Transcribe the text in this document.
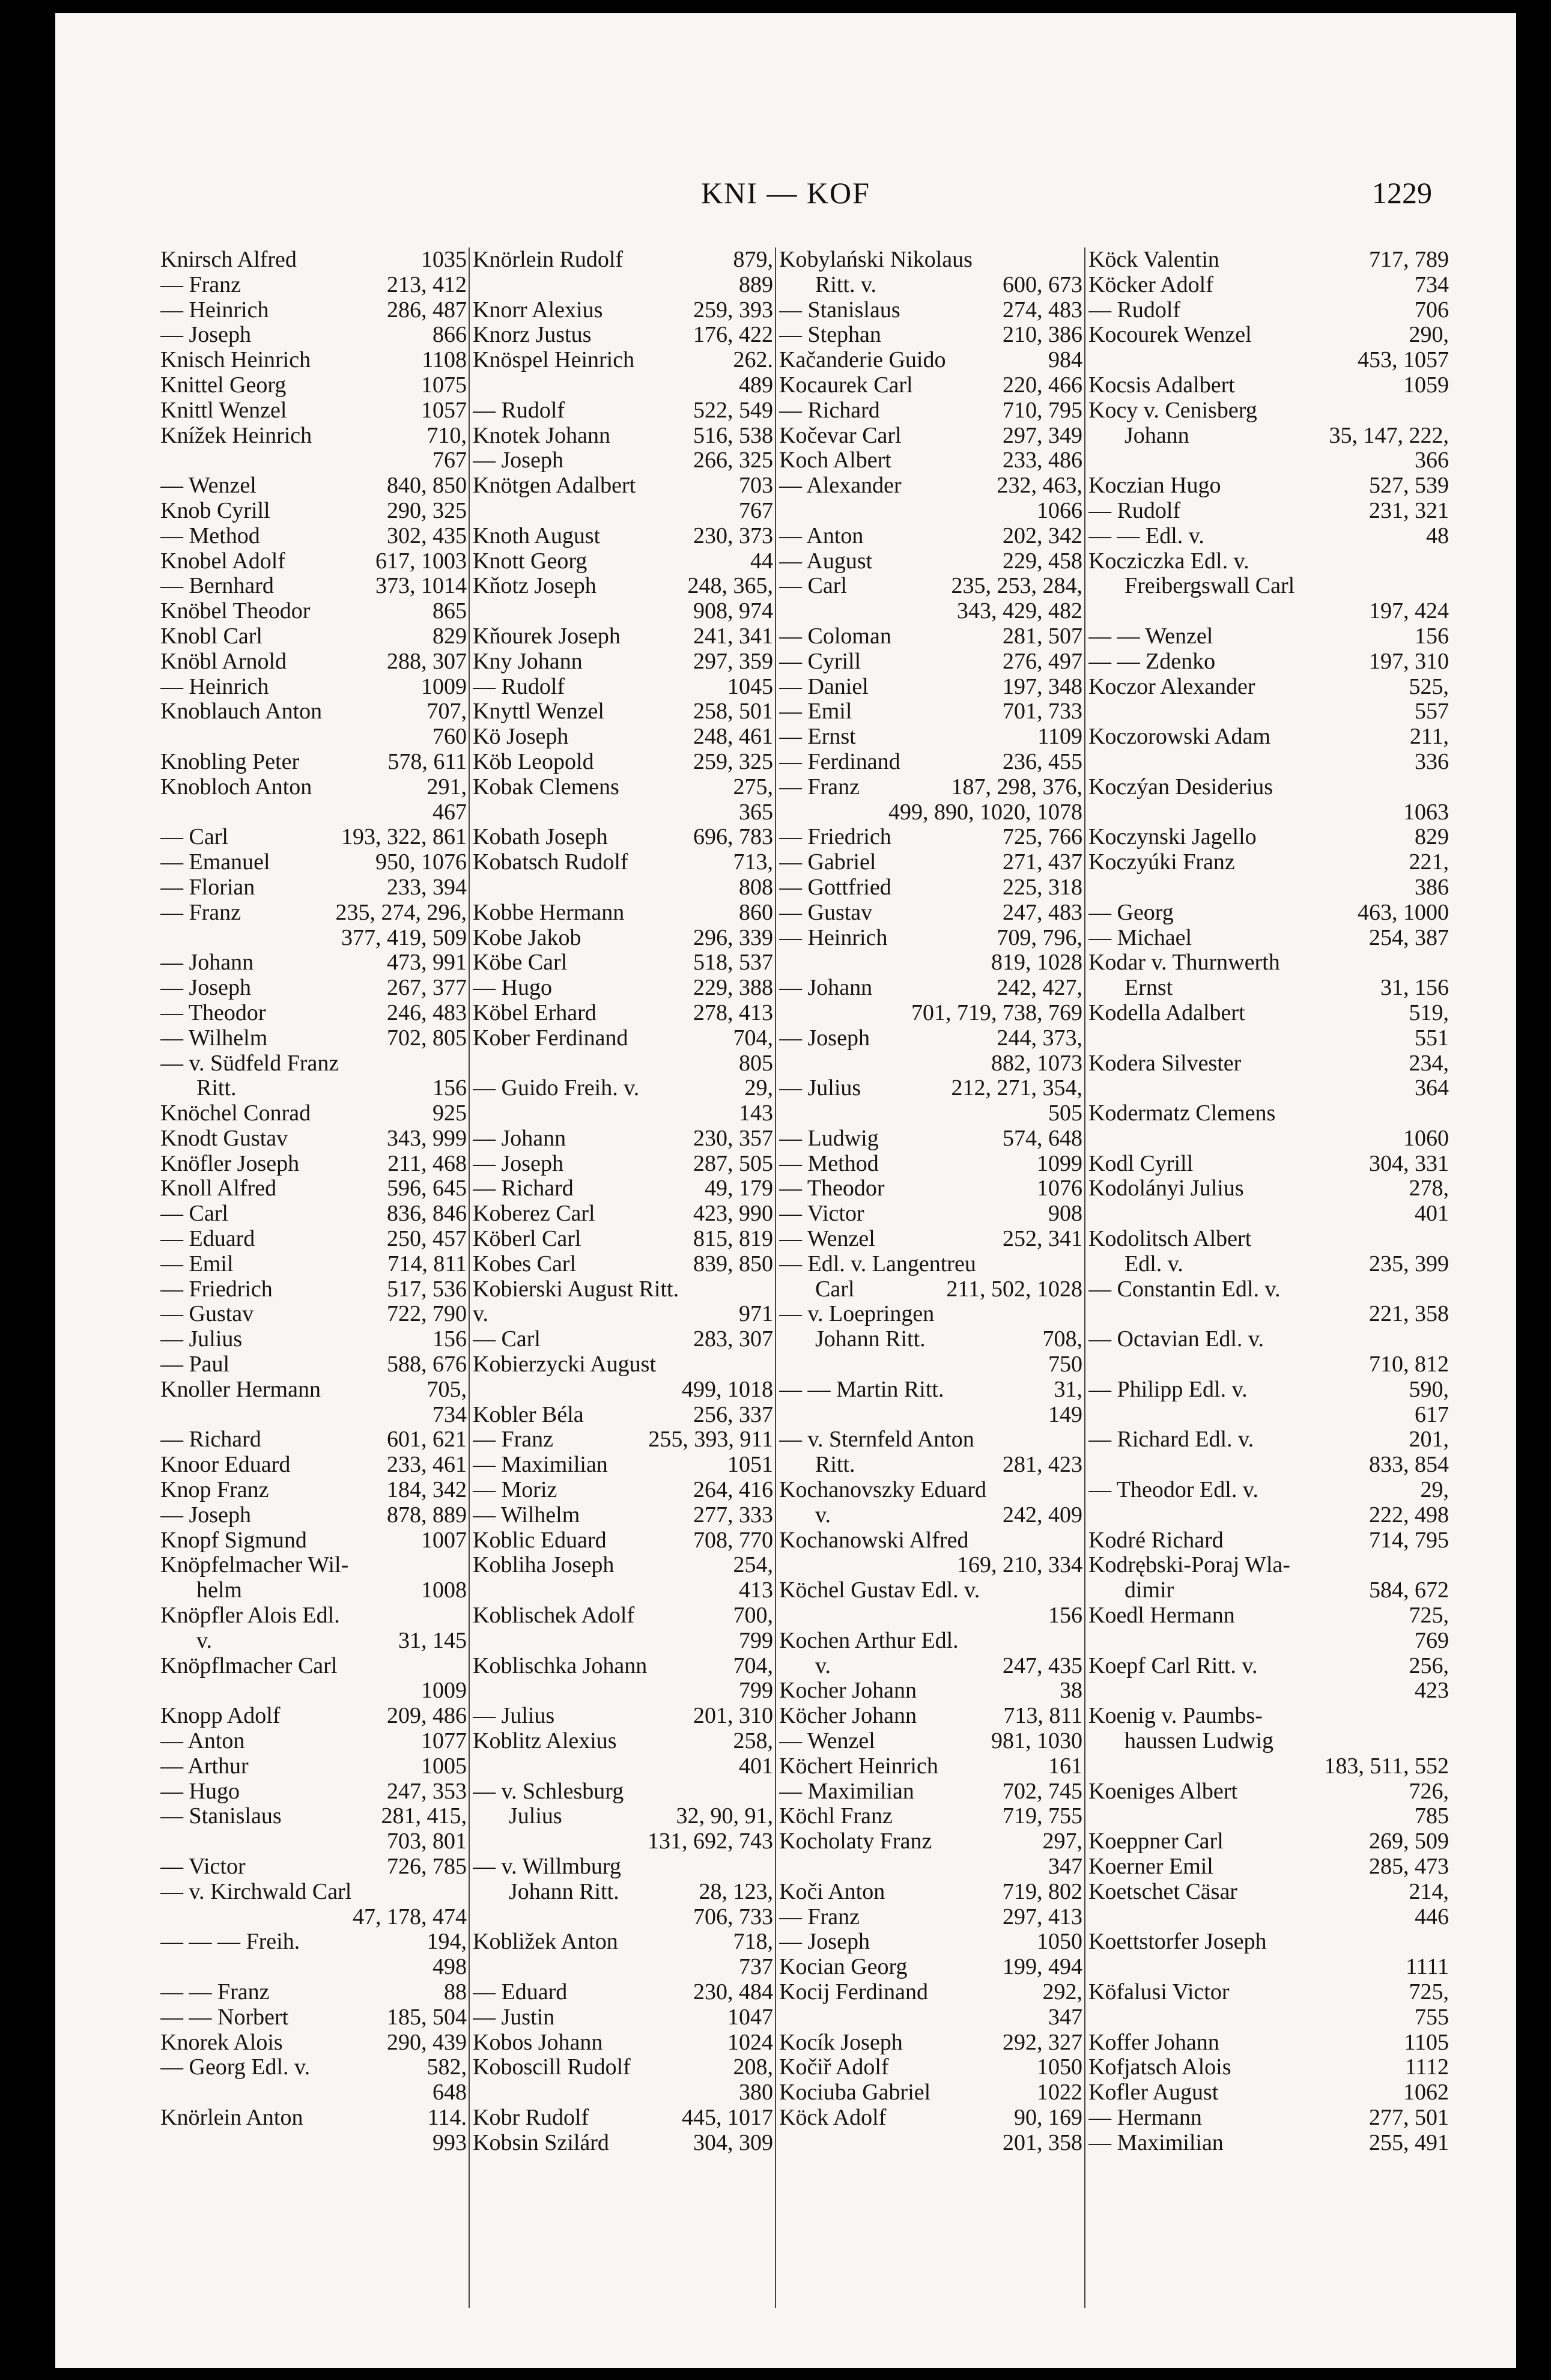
KNI — KOF	1229
Knirsch Alfred	1035
— Franz	213, 412
— Heinrich	286, 487
— Joseph	866
Knisch Heinrich	1108
Knittel Georg	1075
Knittl Wenzel	1057
Knížek Heinrich	710,
767
— Wenzel	840, 850
Knob Cyrill	290, 325
— Method	302, 435
Knobel Adolf	617, 1003
— Bernhard	373, 1014
Knöbel Theodor	865
Knobl Carl	829
Knöbl Arnold	288, 307
— Heinrich	1009
Knoblauch Anton	707,
760
Knobling Peter	578, 611
Knobloch Anton	291,
467
— Carl	193, 322, 861
— Emanuel	950, 1076
— Florian	233, 394
— Franz	235, 274, 296,
377, 419, 509
— Johann	473, 991
— Joseph	267, 377
— Theodor	246, 483
— Wilhelm	702, 805
— v. Südfeld Franz
Ritt.	156
Knöchel Conrad	925
Knodt Gustav	343, 999
Knöfler Joseph	211, 468
Knoll Alfred	596, 645
— Carl	836, 846
— Eduard	250, 457
— Emil	714, 811
— Friedrich	517, 536
— Gustav	722, 790
— Julius	156
— Paul	588, 676
Knoller Hermann	705,
734
— Richard	601, 621
Knoor Eduard	233, 461
Knop Franz	184, 342
— Joseph	878, 889
Knopf Sigmund	1007
Knöpfelmacher Wil-
helm	1008
Knöpfler Alois Edl.
v.	31, 145
Knöpflmacher Carl
1009
Knopp Adolf	209, 486
— Anton	1077
— Arthur	1005
— Hugo	247, 353
— Stanislaus	281, 415,
703, 801
— Victor	726, 785
— v. Kirchwald Carl
47, 178, 474
— — — Freih.	194,
498
— — Franz	88
— — Norbert	185, 504
Knorek Alois	290, 439
— Georg Edl. v.	582,
648
Knörlein Anton	114.
993
Knörlein Rudolf	879,
889
Knorr Alexius	259, 393
Knorz Justus	176, 422
Knöspel Heinrich	262.
489
— Rudolf	522, 549
Knotek Johann	516, 538
— Joseph	266, 325
Knötgen Adalbert	703
767
Knoth August	230, 373
Knott Georg	44
Kňotz Joseph	248, 365,
908, 974
Kňourek Joseph	241, 341
Kny Johann	297, 359
— Rudolf	1045
Knyttl Wenzel	258, 501
Kö Joseph	248, 461
Köb Leopold	259, 325
Kobak Clemens	275,
365
Kobath Joseph	696, 783
Kobatsch Rudolf	713,
808
Kobbe Hermann	860
Kobe Jakob	296, 339
Köbe Carl	518, 537
— Hugo	229, 388
Köbel Erhard	278, 413
Kober Ferdinand	704,
805
— Guido Freih. v.	29,
143
— Johann	230, 357
— Joseph	287, 505
— Richard	49, 179
Koberez Carl	423, 990
Köberl Carl	815, 819
Kobes Carl	839, 850
Kobierski August Ritt.
v.	971
— Carl	283, 307
Kobierzycki August
499, 1018
Kobler Béla	256, 337
— Franz	255, 393, 911
— Maximilian	1051
— Moriz	264, 416
— Wilhelm	277, 333
Koblic Eduard	708, 770
Kobliha Joseph	254,
413
Koblischek Adolf	700,
799
Koblischka Johann	704,
799
— Julius	201, 310
Koblitz Alexius	258,
401
— v. Schlesburg
Julius	32, 90, 91,
131, 692, 743
— v. Willmburg
Johann Ritt.	28, 123,
706, 733
Kobližek Anton	718,
737
— Eduard	230, 484
— Justin	1047
Kobos Johann	1024
Koboscill Rudolf	208,
380
Kobr Rudolf	445, 1017
Kobsin Szilárd	304, 309
Kobylański Nikolaus
Ritt. v.	600, 673
— Stanislaus	274, 483
— Stephan	210, 386
Kačanderie Guido	984
Kocaurek Carl	220, 466
— Richard	710, 795
Kočevar Carl	297, 349
Koch Albert	233, 486
— Alexander	232, 463,
1066
— Anton	202, 342
— August	229, 458
— Carl	235, 253, 284,
343, 429, 482
— Coloman	281, 507
— Cyrill	276, 497
— Daniel	197, 348
— Emil	701, 733
— Ernst	1109
— Ferdinand	236, 455
— Franz	187, 298, 376,
499, 890, 1020, 1078
— Friedrich	725, 766
— Gabriel	271, 437
— Gottfried	225, 318
— Gustav	247, 483
— Heinrich	709, 796,
819, 1028
— Johann	242, 427,
701, 719, 738, 769
— Joseph	244, 373,
882, 1073
— Julius	212, 271, 354,
505
— Ludwig	574, 648
— Method	1099
— Theodor	1076
— Victor	908
— Wenzel	252, 341
— Edl. v. Langentreu
Carl	211, 502, 1028
— v. Loepringen
Johann Ritt.	708,
750
— — Martin Ritt.	31,
149
— v. Sternfeld Anton
Ritt.	281, 423
Kochanovszky Eduard
v.	242, 409
Kochanowski Alfred
169, 210, 334
Köchel Gustav Edl. v.
156
Kochen Arthur Edl.
v.	247, 435
Kocher Johann	38
Köcher Johann	713, 811
— Wenzel	981, 1030
Köchert Heinrich	161
— Maximilian	702, 745
Köchl Franz	719, 755
Kocholaty Franz	297,
347
Koči Anton	719, 802
— Franz	297, 413
— Joseph	1050
Kocian Georg	199, 494
Kocij Ferdinand	292,
347
Kocík Joseph	292, 327
Kočiř Adolf	1050
Kociuba Gabriel	1022
Köck Adolf	90, 169
201, 358
Köck Valentin	717, 789
Köcker Adolf	734
— Rudolf	706
Kocourek Wenzel	290,
453, 1057
Kocsis Adalbert	1059
Kocy v. Cenisberg
Johann	35, 147, 222,
366
Koczian Hugo	527, 539
— Rudolf	231, 321
— — Edl. v.	48
Kocziczka Edl. v.
Freibergswall Carl
197, 424
— — Wenzel	156
— — Zdenko	197, 310
Koczor Alexander	525,
557
Koczorowski Adam	211,
336
Koczýan Desiderius
1063
Koczynski Jagello	829
Koczyúki Franz	221,
386
— Georg	463, 1000
— Michael	254, 387
Kodar v. Thurnwerth
Ernst	31, 156
Kodella Adalbert	519,
551
Kodera Silvester	234,
364
Kodermatz Clemens
1060
Kodl Cyrill	304, 331
Kodolányi Julius	278,
401
Kodolitsch Albert
Edl. v.	235, 399
— Constantin Edl. v.
221, 358
— Octavian Edl. v.
710, 812
— Philipp Edl. v.	590,
617
— Richard Edl. v.	201,
833, 854
— Theodor Edl. v.	29,
222, 498
Kodré Richard	714, 795
Kodrębski-Poraj Wla-
dimir	584, 672
Koedl Hermann	725,
769
Koepf Carl Ritt. v.	256,
423
Koenig v. Paumbs-
haussen Ludwig
183, 511, 552
Koeniges Albert	726,
785
Koeppner Carl	269, 509
Koerner Emil	285, 473
Koetschet Cäsar	214,
446
Koettstorfer Joseph
1111
Köfalusi Victor	725,
755
Koffer Johann	1105
Kofjatsch Alois	1112
Kofler August	1062
— Hermann	277, 501
— Maximilian	255, 491
